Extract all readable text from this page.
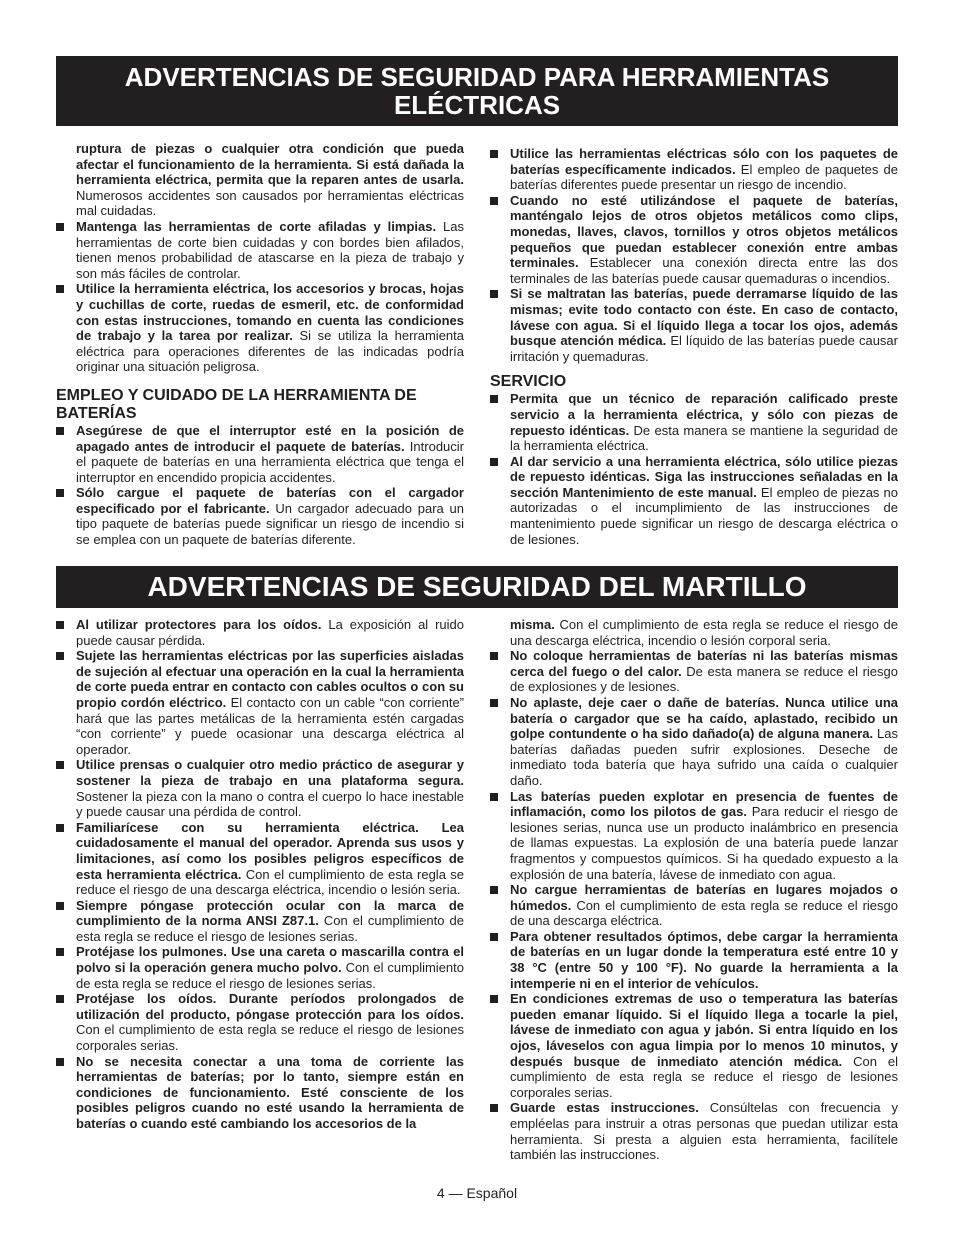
ADVERTENCIAS DE SEGURIDAD PARA HERRAMIENTAS ELÉCTRICAS
ruptura de piezas o cualquier otra condición que pueda afectar el funcionamiento de la herramienta. Si está dañada la herramienta eléctrica, permita que la reparen antes de usarla. Numerosos accidentes son causados por herramientas eléctricas mal cuidadas.
Mantenga las herramientas de corte afiladas y limpias. Las herramientas de corte bien cuidadas y con bordes bien afilados, tienen menos probabilidad de atascarse en la pieza de trabajo y son más fáciles de controlar.
Utilice la herramienta eléctrica, los accesorios y brocas, hojas y cuchillas de corte, ruedas de esmeril, etc. de conformidad con estas instrucciones, tomando en cuenta las condiciones de trabajo y la tarea por realizar. Si se utiliza la herramienta eléctrica para operaciones diferentes de las indicadas podría originar una situación peligrosa.
EMPLEO Y CUIDADO DE LA HERRAMIENTA DE BATERÍAS
Asegúrese de que el interruptor esté en la posición de apagado antes de introducir el paquete de baterías. Introducir el paquete de baterías en una herramienta eléctrica que tenga el interruptor en encendido propicia accidentes.
Sólo cargue el paquete de baterías con el cargador especificado por el fabricante. Un cargador adecuado para un tipo paquete de baterías puede significar un riesgo de incendio si se emplea con un paquete de baterías diferente.
Utilice las herramientas eléctricas sólo con los paquetes de baterías específicamente indicados. El empleo de paquetes de baterías diferentes puede presentar un riesgo de incendio.
Cuando no esté utilizándose el paquete de baterías, manténgalo lejos de otros objetos metálicos como clips, monedas, llaves, clavos, tornillos y otros objetos metálicos pequeños que puedan establecer conexión entre ambas terminales. Establecer una conexión directa entre las dos terminales de las baterías puede causar quemaduras o incendios.
Si se maltratan las baterías, puede derramarse líquido de las mismas; evite todo contacto con éste. En caso de contacto, lávese con agua. Si el líquido llega a tocar los ojos, además busque atención médica. El líquido de las baterías puede causar irritación y quemaduras.
SERVICIO
Permita que un técnico de reparación calificado preste servicio a la herramienta eléctrica, y sólo con piezas de repuesto idénticas. De esta manera se mantiene la seguridad de la herramienta eléctrica.
Al dar servicio a una herramienta eléctrica, sólo utilice piezas de repuesto idénticas. Siga las instrucciones señaladas en la sección Mantenimiento de este manual. El empleo de piezas no autorizadas o el incumplimiento de las instrucciones de mantenimiento puede significar un riesgo de descarga eléctrica o de lesiones.
ADVERTENCIAS DE SEGURIDAD DEL MARTILLO
Al utilizar protectores para los oídos. La exposición al ruido puede causar pérdida.
Sujete las herramientas eléctricas por las superficies aisladas de sujeción al efectuar una operación en la cual la herramienta de corte pueda entrar en contacto con cables ocultos o con su propio cordón eléctrico. El contacto con un cable “con corriente” hará que las partes metálicas de la herramienta estén cargadas “con corriente” y puede ocasionar una descarga eléctrica al operador.
Utilice prensas o cualquier otro medio práctico de asegurar y sostener la pieza de trabajo en una plataforma segura. Sostener la pieza con la mano o contra el cuerpo lo hace inestable y puede causar una pérdida de control.
Familiarícese con su herramienta eléctrica. Lea cuidadosamente el manual del operador. Aprenda sus usos y limitaciones, así como los posibles peligros específicos de esta herramienta eléctrica. Con el cumplimiento de esta regla se reduce el riesgo de una descarga eléctrica, incendio o lesión seria.
Siempre póngase protección ocular con la marca de cumplimiento de la norma ANSI Z87.1. Con el cumplimiento de esta regla se reduce el riesgo de lesiones serias.
Protéjase los pulmones. Use una careta o mascarilla contra el polvo si la operación genera mucho polvo. Con el cumplimiento de esta regla se reduce el riesgo de lesiones serias.
Protéjase los oídos. Durante períodos prolongados de utilización del producto, póngase protección para los oídos. Con el cumplimiento de esta regla se reduce el riesgo de lesiones corporales serias.
No se necesita conectar a una toma de corriente las herramientas de baterías; por lo tanto, siempre están en condiciones de funcionamiento. Esté consciente de los posibles peligros cuando no esté usando la herramienta de baterías o cuando esté cambiando los accesorios de la
misma. Con el cumplimiento de esta regla se reduce el riesgo de una descarga eléctrica, incendio o lesión corporal seria.
No coloque herramientas de baterías ni las baterías mismas cerca del fuego o del calor. De esta manera se reduce el riesgo de explosiones y de lesiones.
No aplaste, deje caer o dañe de baterías. Nunca utilice una batería o cargador que se ha caído, aplastado, recibido un golpe contundente o ha sido dañado(a) de alguna manera. Las baterías dañadas pueden sufrir explosiones. Deseche de inmediato toda batería que haya sufrido una caída o cualquier daño.
Las baterías pueden explotar en presencia de fuentes de inflamación, como los pilotos de gas. Para reducir el riesgo de lesiones serias, nunca use un producto inalámbrico en presencia de llamas expuestas. La explosión de una batería puede lanzar fragmentos y compuestos químicos. Si ha quedado expuesto a la explosión de una batería, lávese de inmediato con agua.
No cargue herramientas de baterías en lugares mojados o húmedos. Con el cumplimiento de esta regla se reduce el riesgo de una descarga eléctrica.
Para obtener resultados óptimos, debe cargar la herramienta de baterías en un lugar donde la temperatura esté entre 10 y 38 °C (entre 50 y 100 °F). No guarde la herramienta a la intemperie ni en el interior de vehículos.
En condiciones extremas de uso o temperatura las baterías pueden emanar líquido. Si el líquido llega a tocarle la piel, lávese de inmediato con agua y jabón. Si entra líquido en los ojos, láveselos con agua limpia por lo menos 10 minutos, y después busque de inmediato atención médica. Con el cumplimiento de esta regla se reduce el riesgo de lesiones corporales serias.
Guarde estas instrucciones. Consúltelas con frecuencia y empléelas para instruir a otras personas que puedan utilizar esta herramienta. Si presta a alguien esta herramienta, facilítele también las instrucciones.
4 — Español
